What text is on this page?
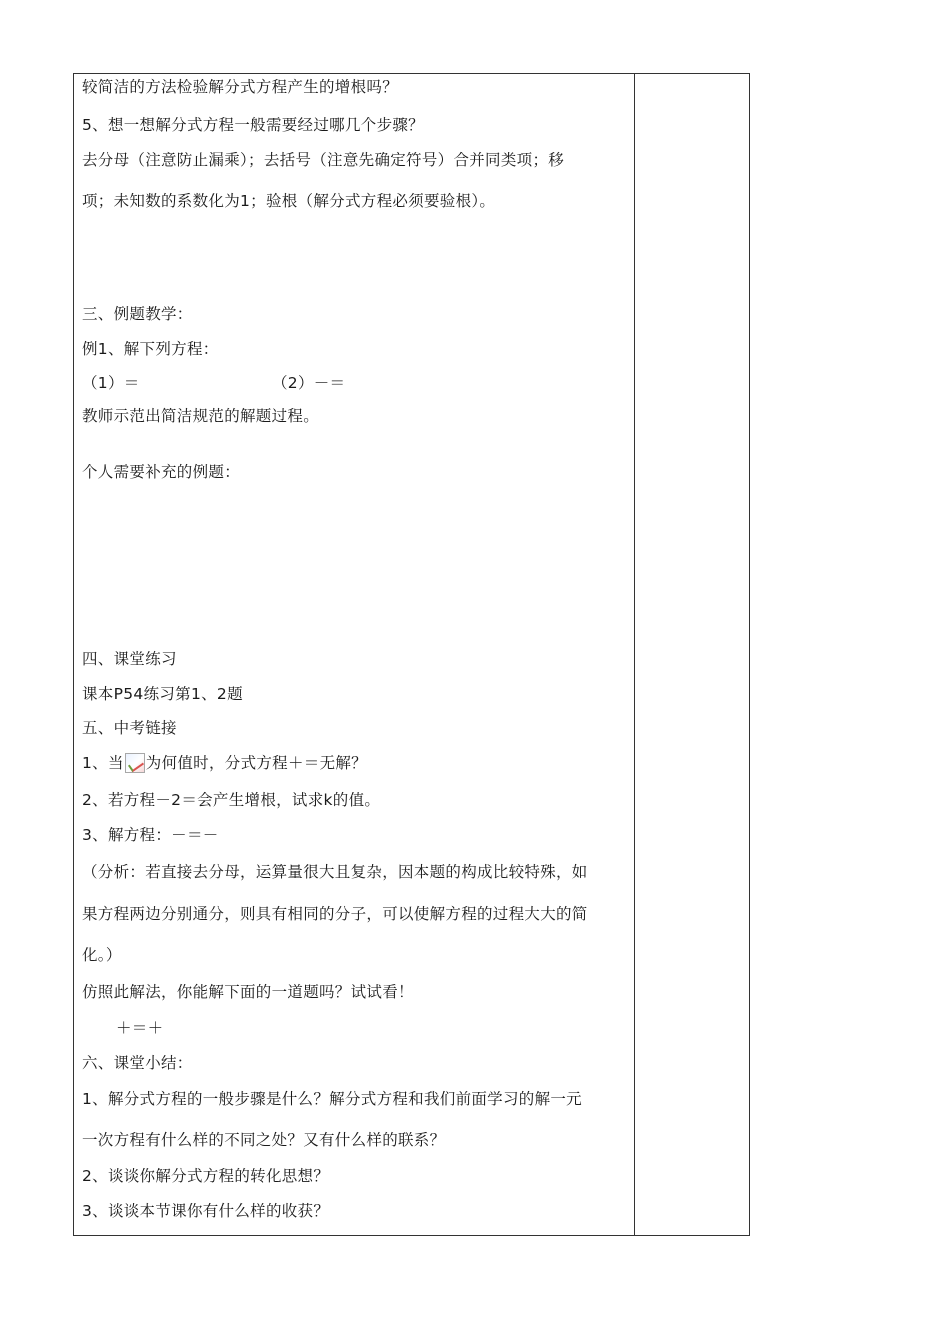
较简洁的方法检验解分式方程产生的增根吗？
5、想一想解分式方程一般需要经过哪几个步骤？
去分母（注意防止漏乘）；去括号（注意先确定符号）合并同类项；移
项；未知数的系数化为1；验根（解分式方程必须要验根）。
三、例题教学：
例1、解下列方程：
（1）＝	（2）－＝
教师示范出简洁规范的解题过程。
个人需要补充的例题：
四、课堂练习
课本P54练习第1、2题
五、中考链接
1、当 为何值时，分式方程＋＝无解？
2、若方程－2＝会产生增根，试求k的值。
3、解方程：－＝－
（分析：若直接去分母，运算量很大且复杂，因本题的构成比较特殊，如
果方程两边分别通分，则具有相同的分子，可以使解方程的过程大大的简
化。）
仿照此解法，你能解下面的一道题吗？试试看！
＋＝＋
六、课堂小结：
1、解分式方程的一般步骤是什么？解分式方程和我们前面学习的解一元
一次方程有什么样的不同之处？又有什么样的联系？
2、谈谈你解分式方程的转化思想？
3、谈谈本节课你有什么样的收获？
